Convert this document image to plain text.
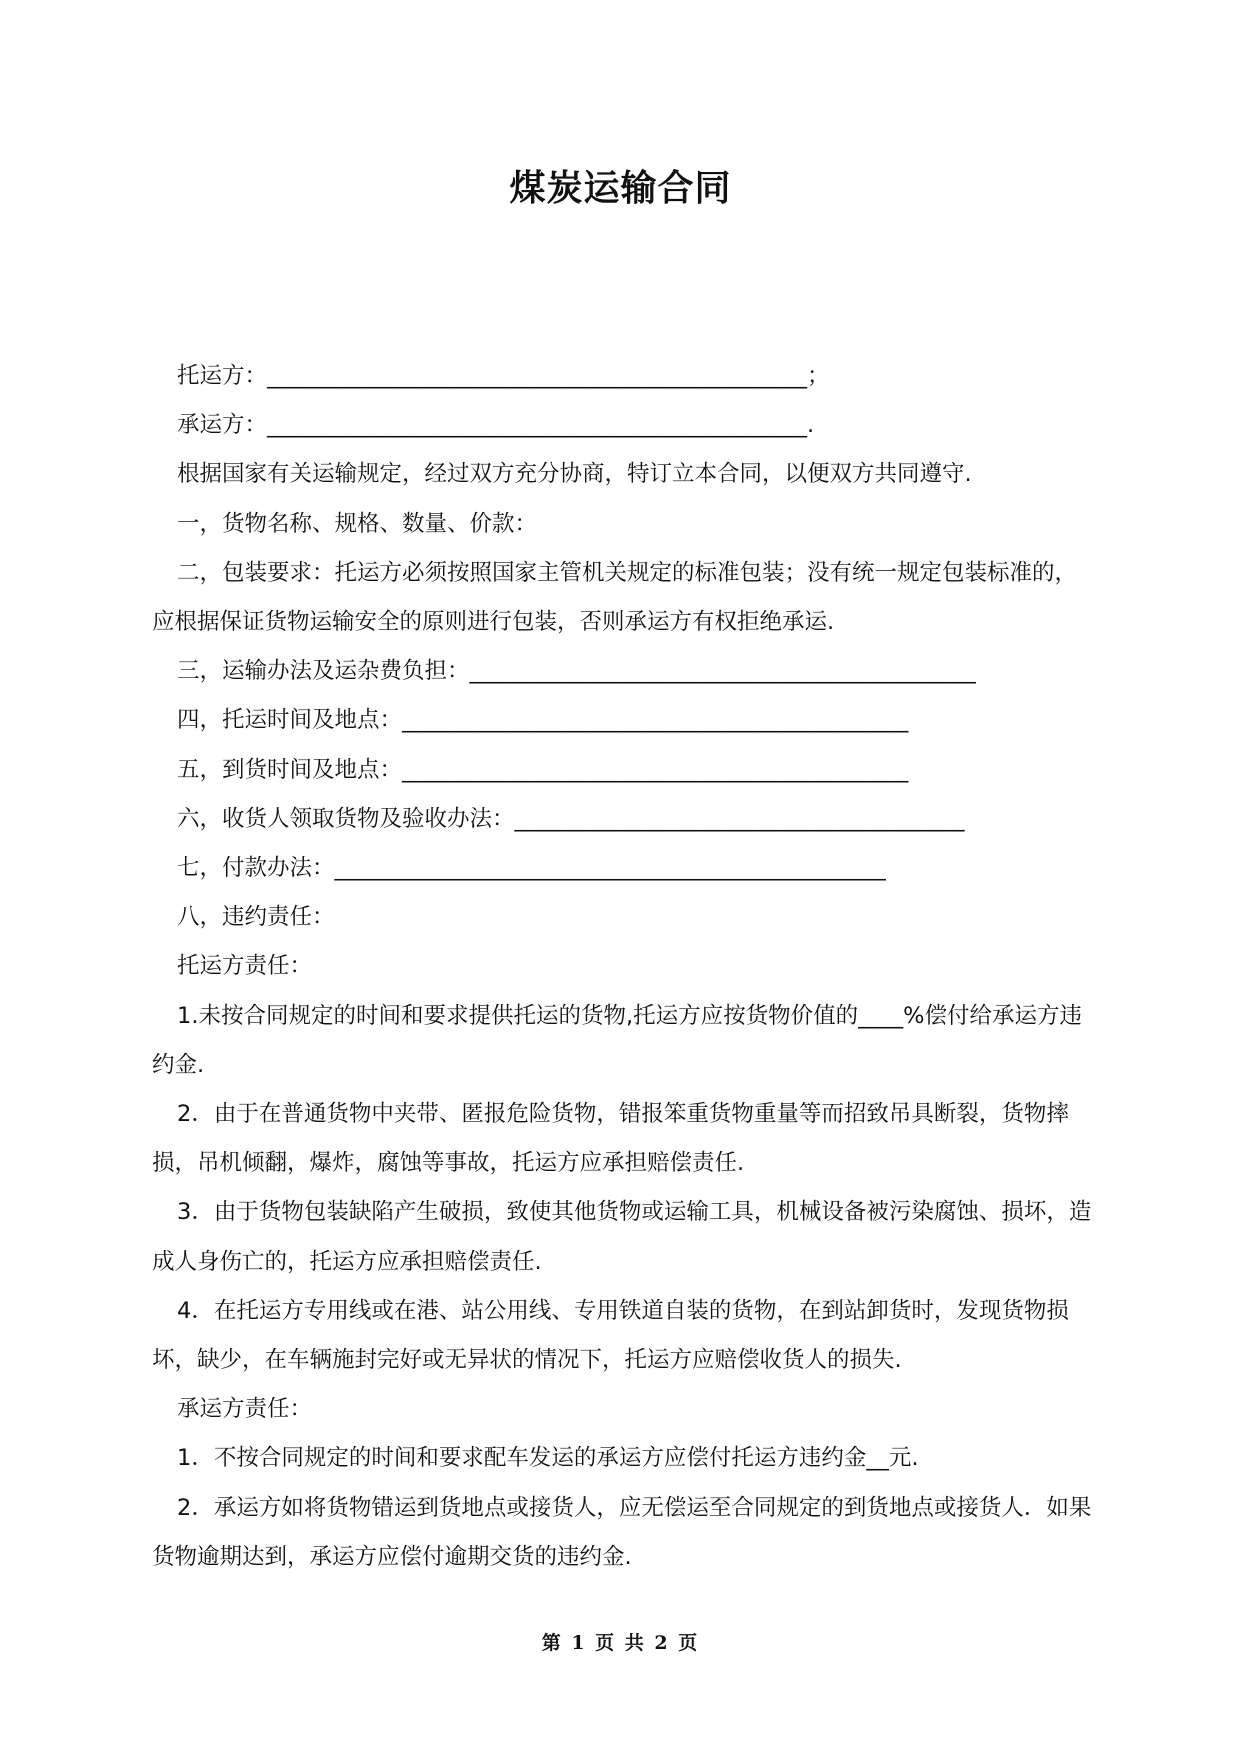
煤炭运输合同

托运方：________________________________________________；

承运方：________________________________________________.

根据国家有关运输规定，经过双方充分协商，特订立本合同，以便双方共同遵守.

一，货物名称、规格、数量、价款：

二，包装要求：托运方必须按照国家主管机关规定的标准包装；没有统一规定包装标准的，应根据保证货物运输安全的原则进行包装，否则承运方有权拒绝承运.

三，运输办法及运杂费负担：_____________________________________________

四，托运时间及地点：_____________________________________________

五，到货时间及地点：_____________________________________________

六，收货人领取货物及验收办法：________________________________________

七，付款办法：_________________________________________________

八，违约责任：

托运方责任：

1.未按合同规定的时间和要求提供托运的货物,托运方应按货物价值的____%偿付给承运方违约金.

2．由于在普通货物中夹带、匿报危险货物，错报笨重货物重量等而招致吊具断裂，货物摔损，吊机倾翻，爆炸，腐蚀等事故，托运方应承担赔偿责任.

3．由于货物包装缺陷产生破损，致使其他货物或运输工具，机械设备被污染腐蚀、损坏，造成人身伤亡的，托运方应承担赔偿责任.

4．在托运方专用线或在港、站公用线、专用铁道自装的货物，在到站卸货时，发现货物损坏，缺少，在车辆施封完好或无异状的情况下，托运方应赔偿收货人的损失.

承运方责任：

1．不按合同规定的时间和要求配车发运的承运方应偿付托运方违约金__元.

2．承运方如将货物错运到货地点或接货人，应无偿运至合同规定的到货地点或接货人．如果货物逾期达到，承运方应偿付逾期交货的违约金.

第 1 页 共 2 页
